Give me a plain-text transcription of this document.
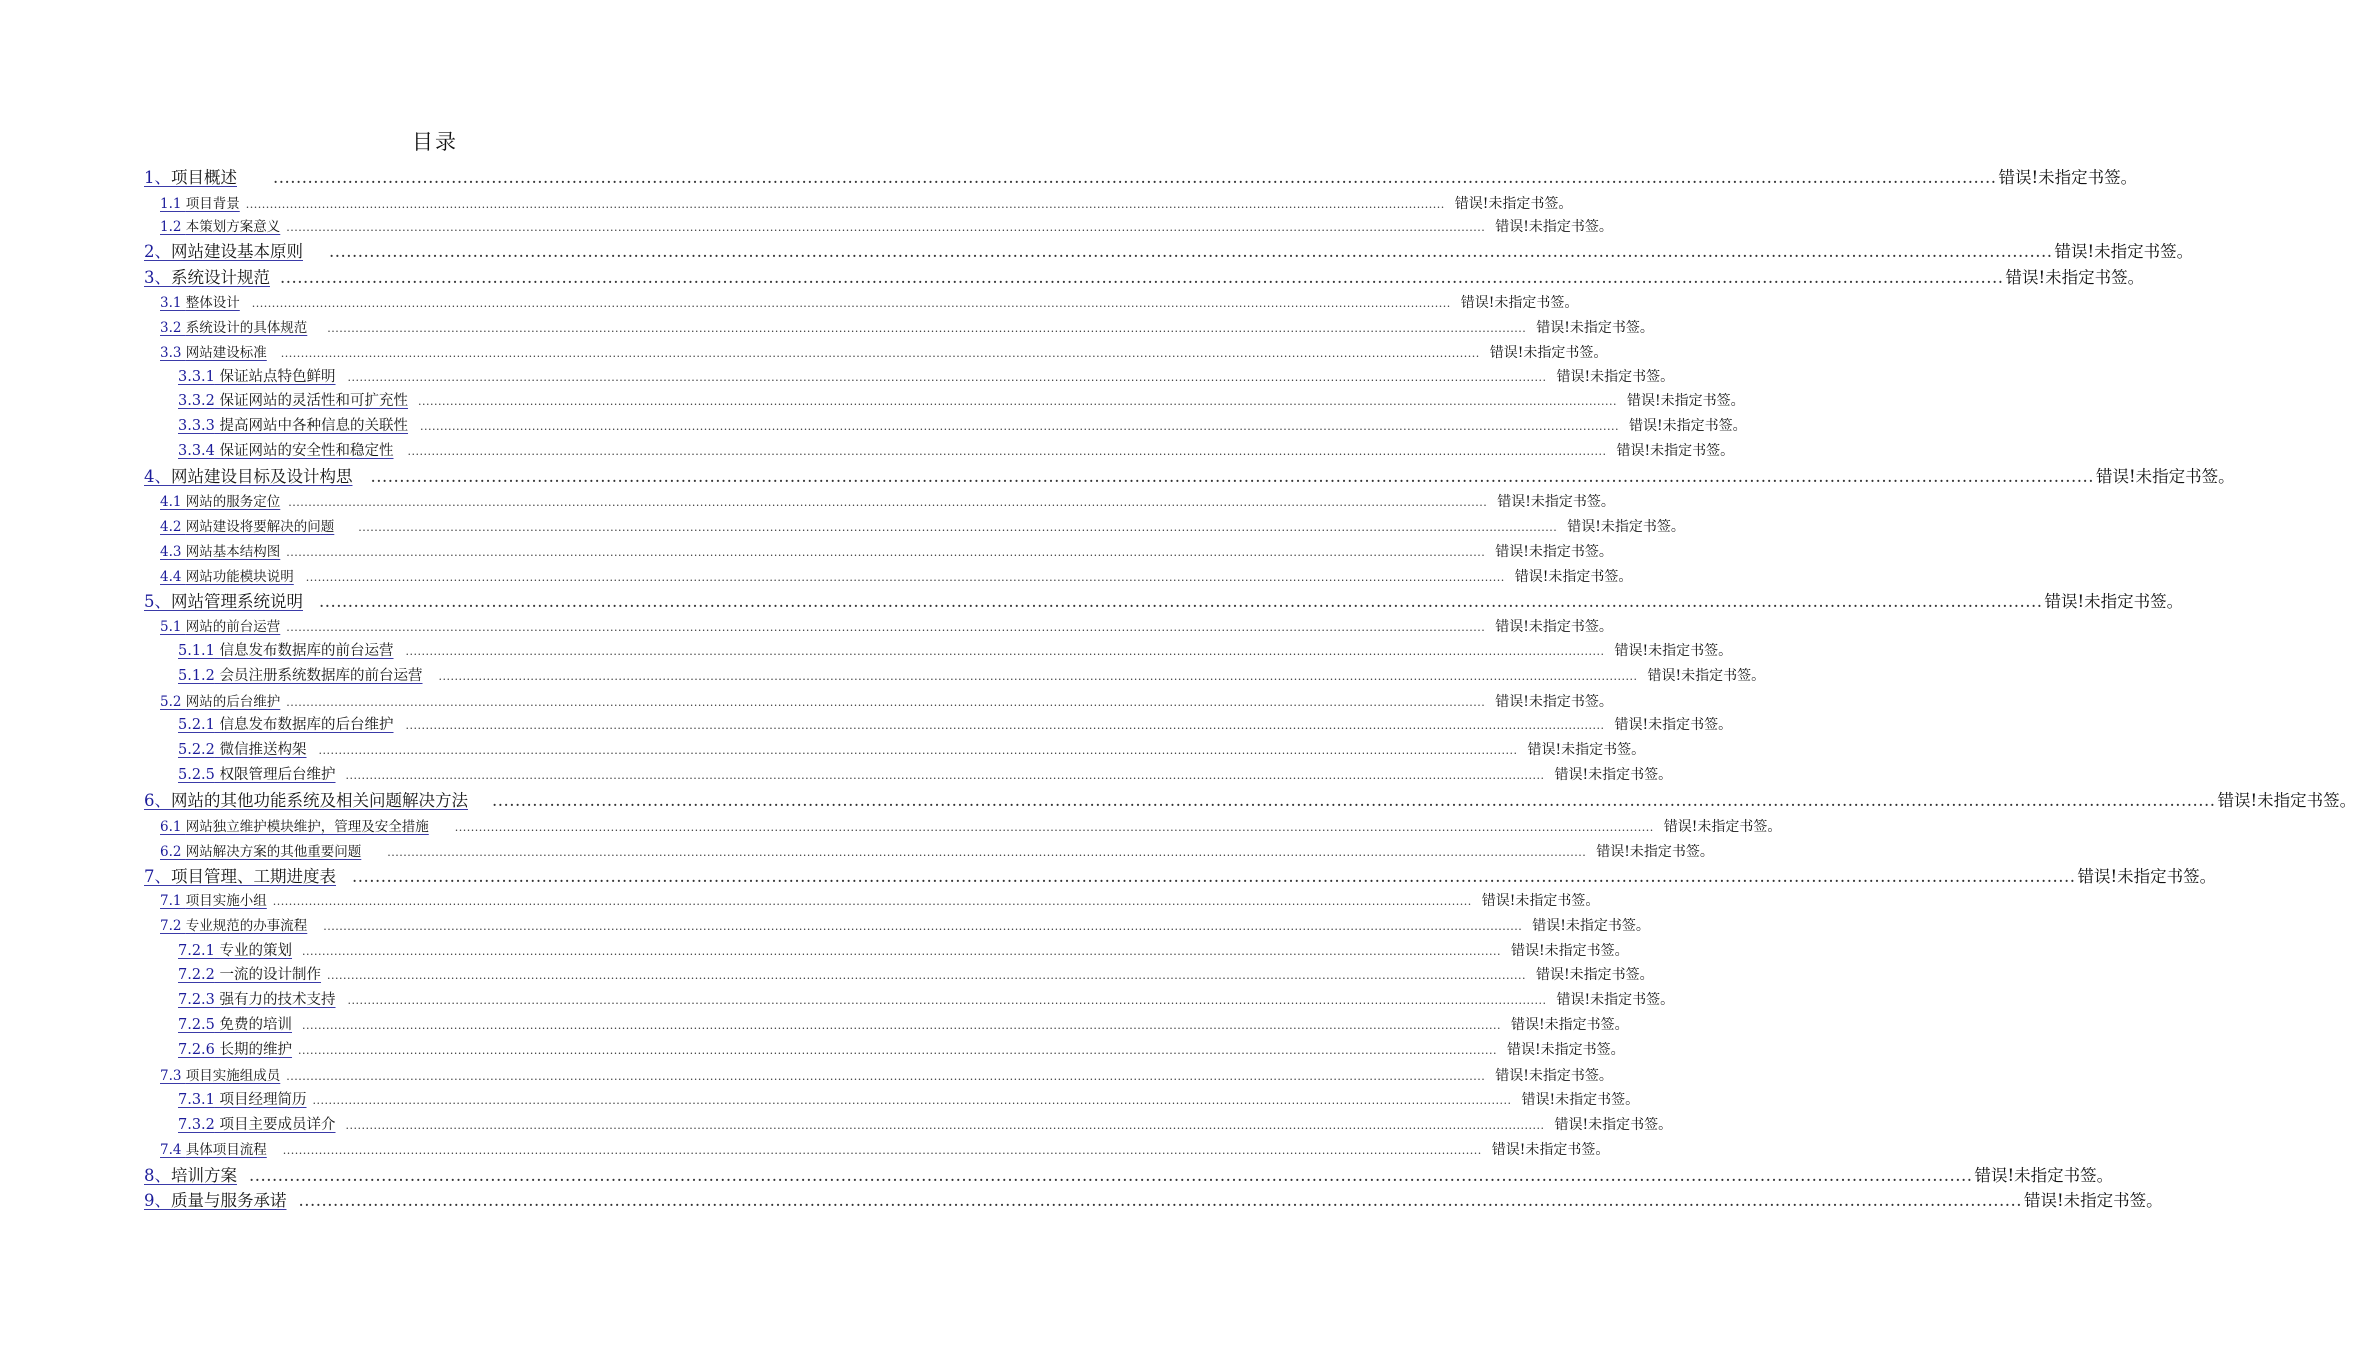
目录
1、项目概述	............................................................................................................................................................................................................................................................................................................ 错误!未指定书签。
1.1 项目背景 ............................................................................................................................................................................................................................................................................................................ 错误!未指定书签。
1.2 本策划方案意义 ............................................................................................................................................................................................................................................................................................................ 错误!未指定书签。
2、网站建设基本原则	............................................................................................................................................................................................................................................................................................................ 错误!未指定书签。
3、系统设计规范 ............................................................................................................................................................................................................................................................................................................ 错误!未指定书签。
3.1 整体设计	............................................................................................................................................................................................................................................................................................................ 错误!未指定书签。
3.2 系统设计的具体规范	............................................................................................................................................................................................................................................................................................................ 错误!未指定书签。
3.3 网站建设标准	............................................................................................................................................................................................................................................................................................................ 错误!未指定书签。
3.3.1 保证站点特色鲜明	............................................................................................................................................................................................................................................................................................................ 错误!未指定书签。
3.3.2 保证网站的灵活性和可扩充性 ............................................................................................................................................................................................................................................................................................................ 错误!未指定书签。
3.3.3 提高网站中各种信息的关联性	............................................................................................................................................................................................................................................................................................................ 错误!未指定书签。
3.3.4 保证网站的安全性和稳定性	............................................................................................................................................................................................................................................................................................................ 错误!未指定书签。
4、网站建设目标及设计构思	............................................................................................................................................................................................................................................................................................................ 错误!未指定书签。
4.1 网站的服务定位 ............................................................................................................................................................................................................................................................................................................ 错误!未指定书签。
4.2 网站建设将要解决的问题	............................................................................................................................................................................................................................................................................................................ 错误!未指定书签。
4.3 网站基本结构图 ............................................................................................................................................................................................................................................................................................................ 错误!未指定书签。
4.4 网站功能模块说明	............................................................................................................................................................................................................................................................................................................ 错误!未指定书签。
5、网站管理系统说明 ............................................................................................................................................................................................................................................................................................................ 错误!未指定书签。
5.1 网站的前台运营 ............................................................................................................................................................................................................................................................................................................ 错误!未指定书签。
5.1.1 信息发布数据库的前台运营	............................................................................................................................................................................................................................................................................................................ 错误!未指定书签。
5.1.2 会员注册系统数据库的前台运营	............................................................................................................................................................................................................................................................................................................ 错误!未指定书签。
5.2 网站的后台维护 ............................................................................................................................................................................................................................................................................................................ 错误!未指定书签。
5.2.1 信息发布数据库的后台维护	............................................................................................................................................................................................................................................................................................................ 错误!未指定书签。
5.2.2 微信推送构架	............................................................................................................................................................................................................................................................................................................ 错误!未指定书签。
5.2.5 权限管理后台维护 ............................................................................................................................................................................................................................................................................................................ 错误!未指定书签。
6、网站的其他功能系统及相关问题解决方法	............................................................................................................................................................................................................................................................................................................ 错误!未指定书签。
6.1 网站独立维护模块维护，管理及安全措施	............................................................................................................................................................................................................................................................................................................ 错误!未指定书签。
6.2 网站解决方案的其他重要问题	............................................................................................................................................................................................................................................................................................................ 错误!未指定书签。
7、项目管理、工期进度表 ............................................................................................................................................................................................................................................................................................................ 错误!未指定书签。
7.1 项目实施小组 ............................................................................................................................................................................................................................................................................................................ 错误!未指定书签。
7.2 专业规范的办事流程	............................................................................................................................................................................................................................................................................................................ 错误!未指定书签。
7.2.1 专业的策划 ............................................................................................................................................................................................................................................................................................................ 错误!未指定书签。
7.2.2 一流的设计制作 ............................................................................................................................................................................................................................................................................................................ 错误!未指定书签。
7.2.3 强有力的技术支持	............................................................................................................................................................................................................................................................................................................ 错误!未指定书签。
7.2.5 免费的培训 ............................................................................................................................................................................................................................................................................................................ 错误!未指定书签。
7.2.6 长期的维护 ............................................................................................................................................................................................................................................................................................................ 错误!未指定书签。
7.3 项目实施组成员 ............................................................................................................................................................................................................................................................................................................ 错误!未指定书签。
7.3.1 项目经理简历 ............................................................................................................................................................................................................................................................................................................ 错误!未指定书签。
7.3.2 项目主要成员详介 ............................................................................................................................................................................................................................................................................................................ 错误!未指定书签。
7.4 具体项目流程	............................................................................................................................................................................................................................................................................................................ 错误!未指定书签。
8、培训方案 ............................................................................................................................................................................................................................................................................................................ 错误!未指定书签。
9、质量与服务承诺 ............................................................................................................................................................................................................................................................................................................ 错误!未指定书签。
